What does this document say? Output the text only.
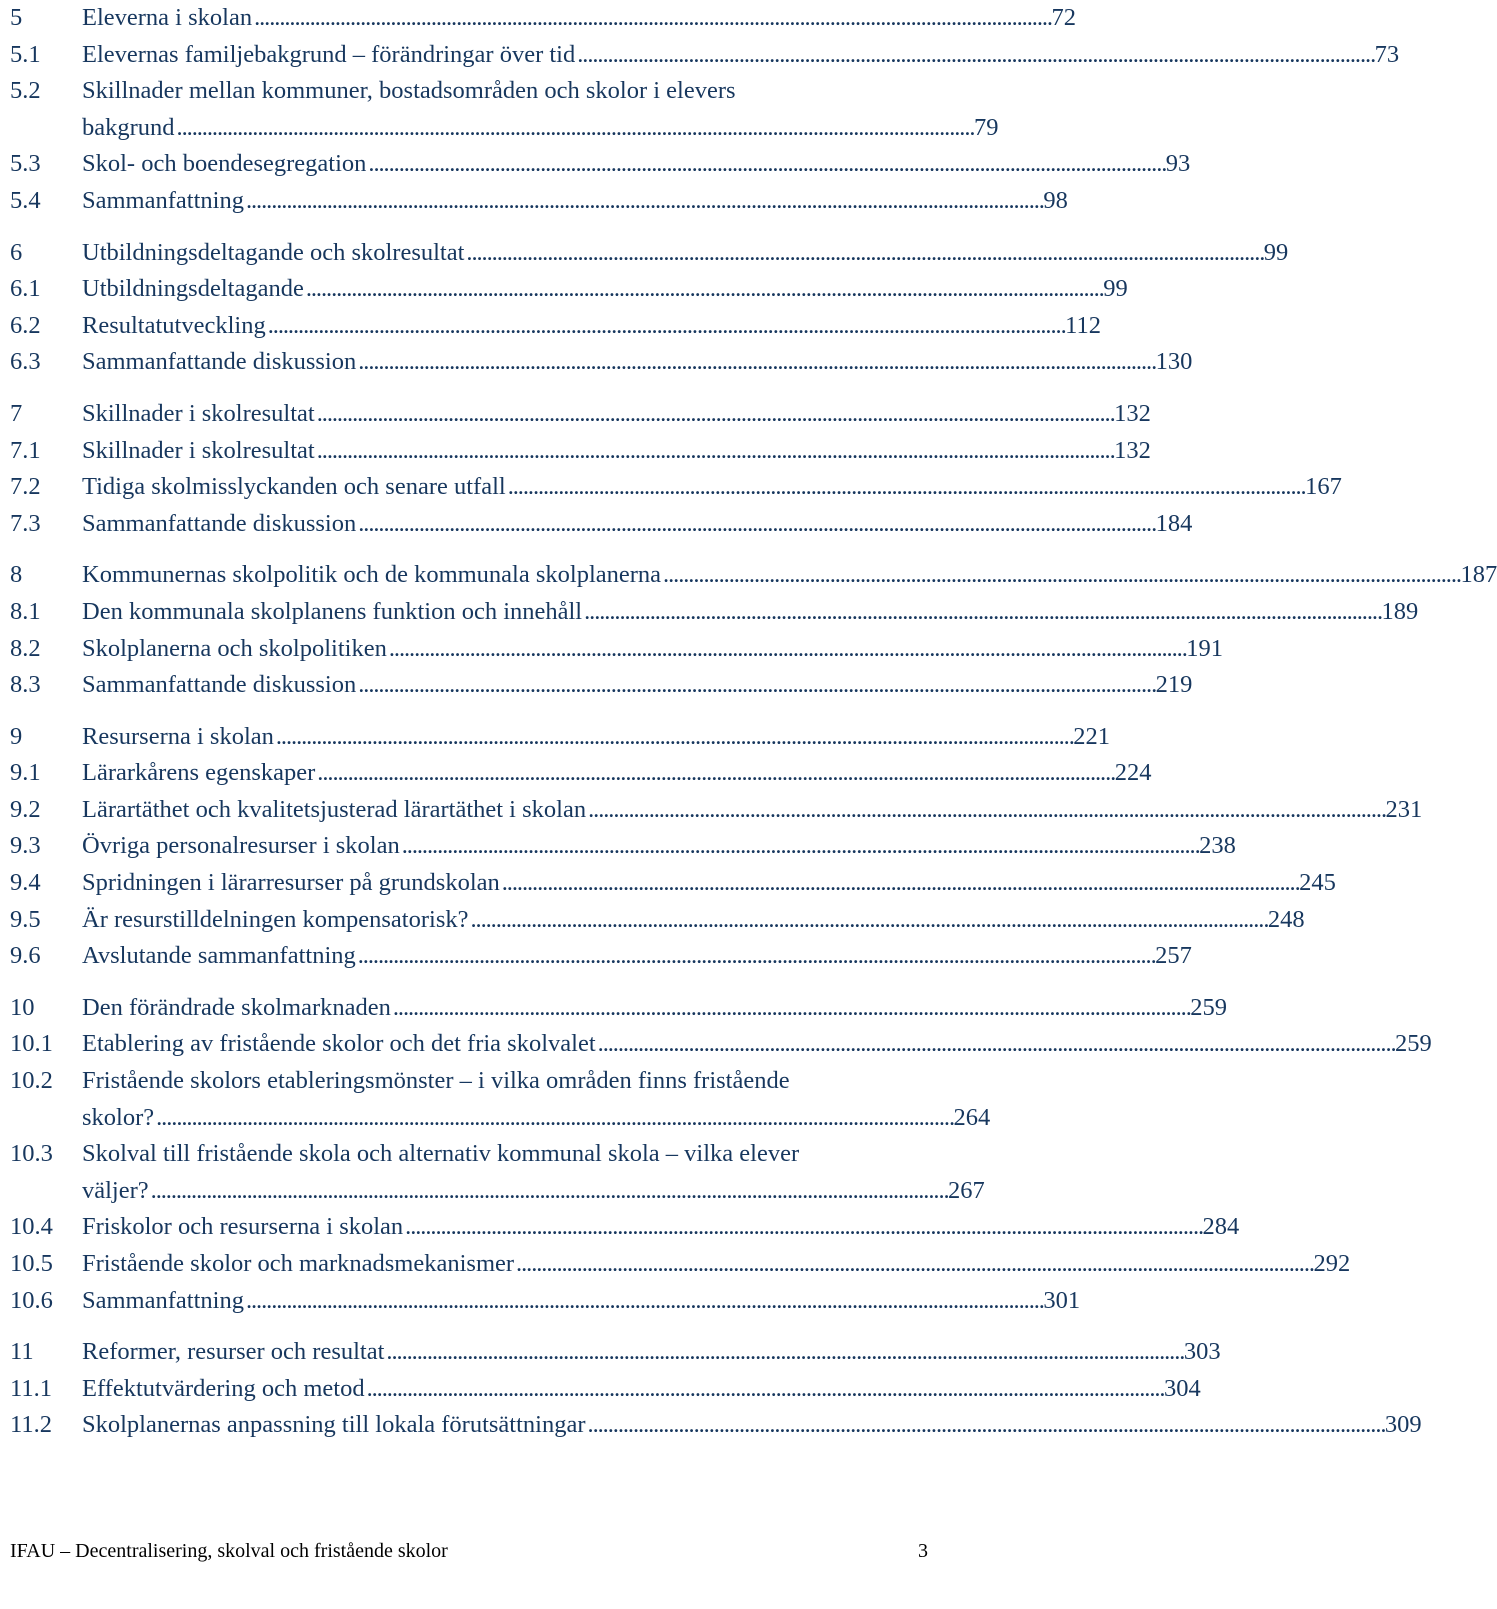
5	Eleverna i skolan . . .	72
5.1	Elevernas familjebakgrund – förändringar över tid . . .	73
5.2	Skillnader mellan kommuner, bostadsområden och skolor i elevers
bakgrund . . .	79
5.3	Skol- och boendesegregation . . .	93
5.4	Sammanfattning . . .	98
6	Utbildningsdeltagande och skolresultat . . .	99
6.1	Utbildningsdeltagande . . .	99
6.2	Resultatutveckling . . .	112
6.3	Sammanfattande diskussion . . .	130
7	Skillnader i skolresultat . . .	132
7.1	Skillnader i skolresultat . . .	132
7.2	Tidiga skolmisslyckanden och senare utfall . . .	167
7.3	Sammanfattande diskussion . . .	184
8	Kommunernas skolpolitik och de kommunala skolplanerna . . .	187
8.1	Den kommunala skolplanens funktion och innehåll . . .	189
8.2	Skolplanerna och skolpolitiken . . .	191
8.3	Sammanfattande diskussion . . .	219
9	Resurserna i skolan . . .	221
9.1	Lärarkårens egenskaper . . .	224
9.2	Lärartäthet och kvalitetsjusterad lärartäthet i skolan . . .	231
9.3	Övriga personalresurser i skolan . . .	238
9.4	Spridningen i lärarresurser på grundskolan . . .	245
9.5	Är resurstilldelningen kompensatorisk? . . .	248
9.6	Avslutande sammanfattning . . .	257
10	Den förändrade skolmarknaden . . .	259
10.1	Etablering av fristående skolor och det fria skolvalet . . .	259
10.2	Fristående skolors etableringsmönster – i vilka områden finns fristående
skolor? . . .	264
10.3	Skolval till fristående skola och alternativ kommunal skola – vilka elever
väljer? . . .	267
10.4	Friskolor och resurserna i skolan . . .	284
10.5	Fristående skolor och marknadsmekanismer . . .	292
10.6	Sammanfattning . . .	301
11	Reformer, resurser och resultat . . .	303
11.1	Effektutvärdering och metod . . .	304
11.2	Skolplanernas anpassning till lokala förutsättningar . . .	309
IFAU – Decentralisering, skolval och fristående skolor	3
